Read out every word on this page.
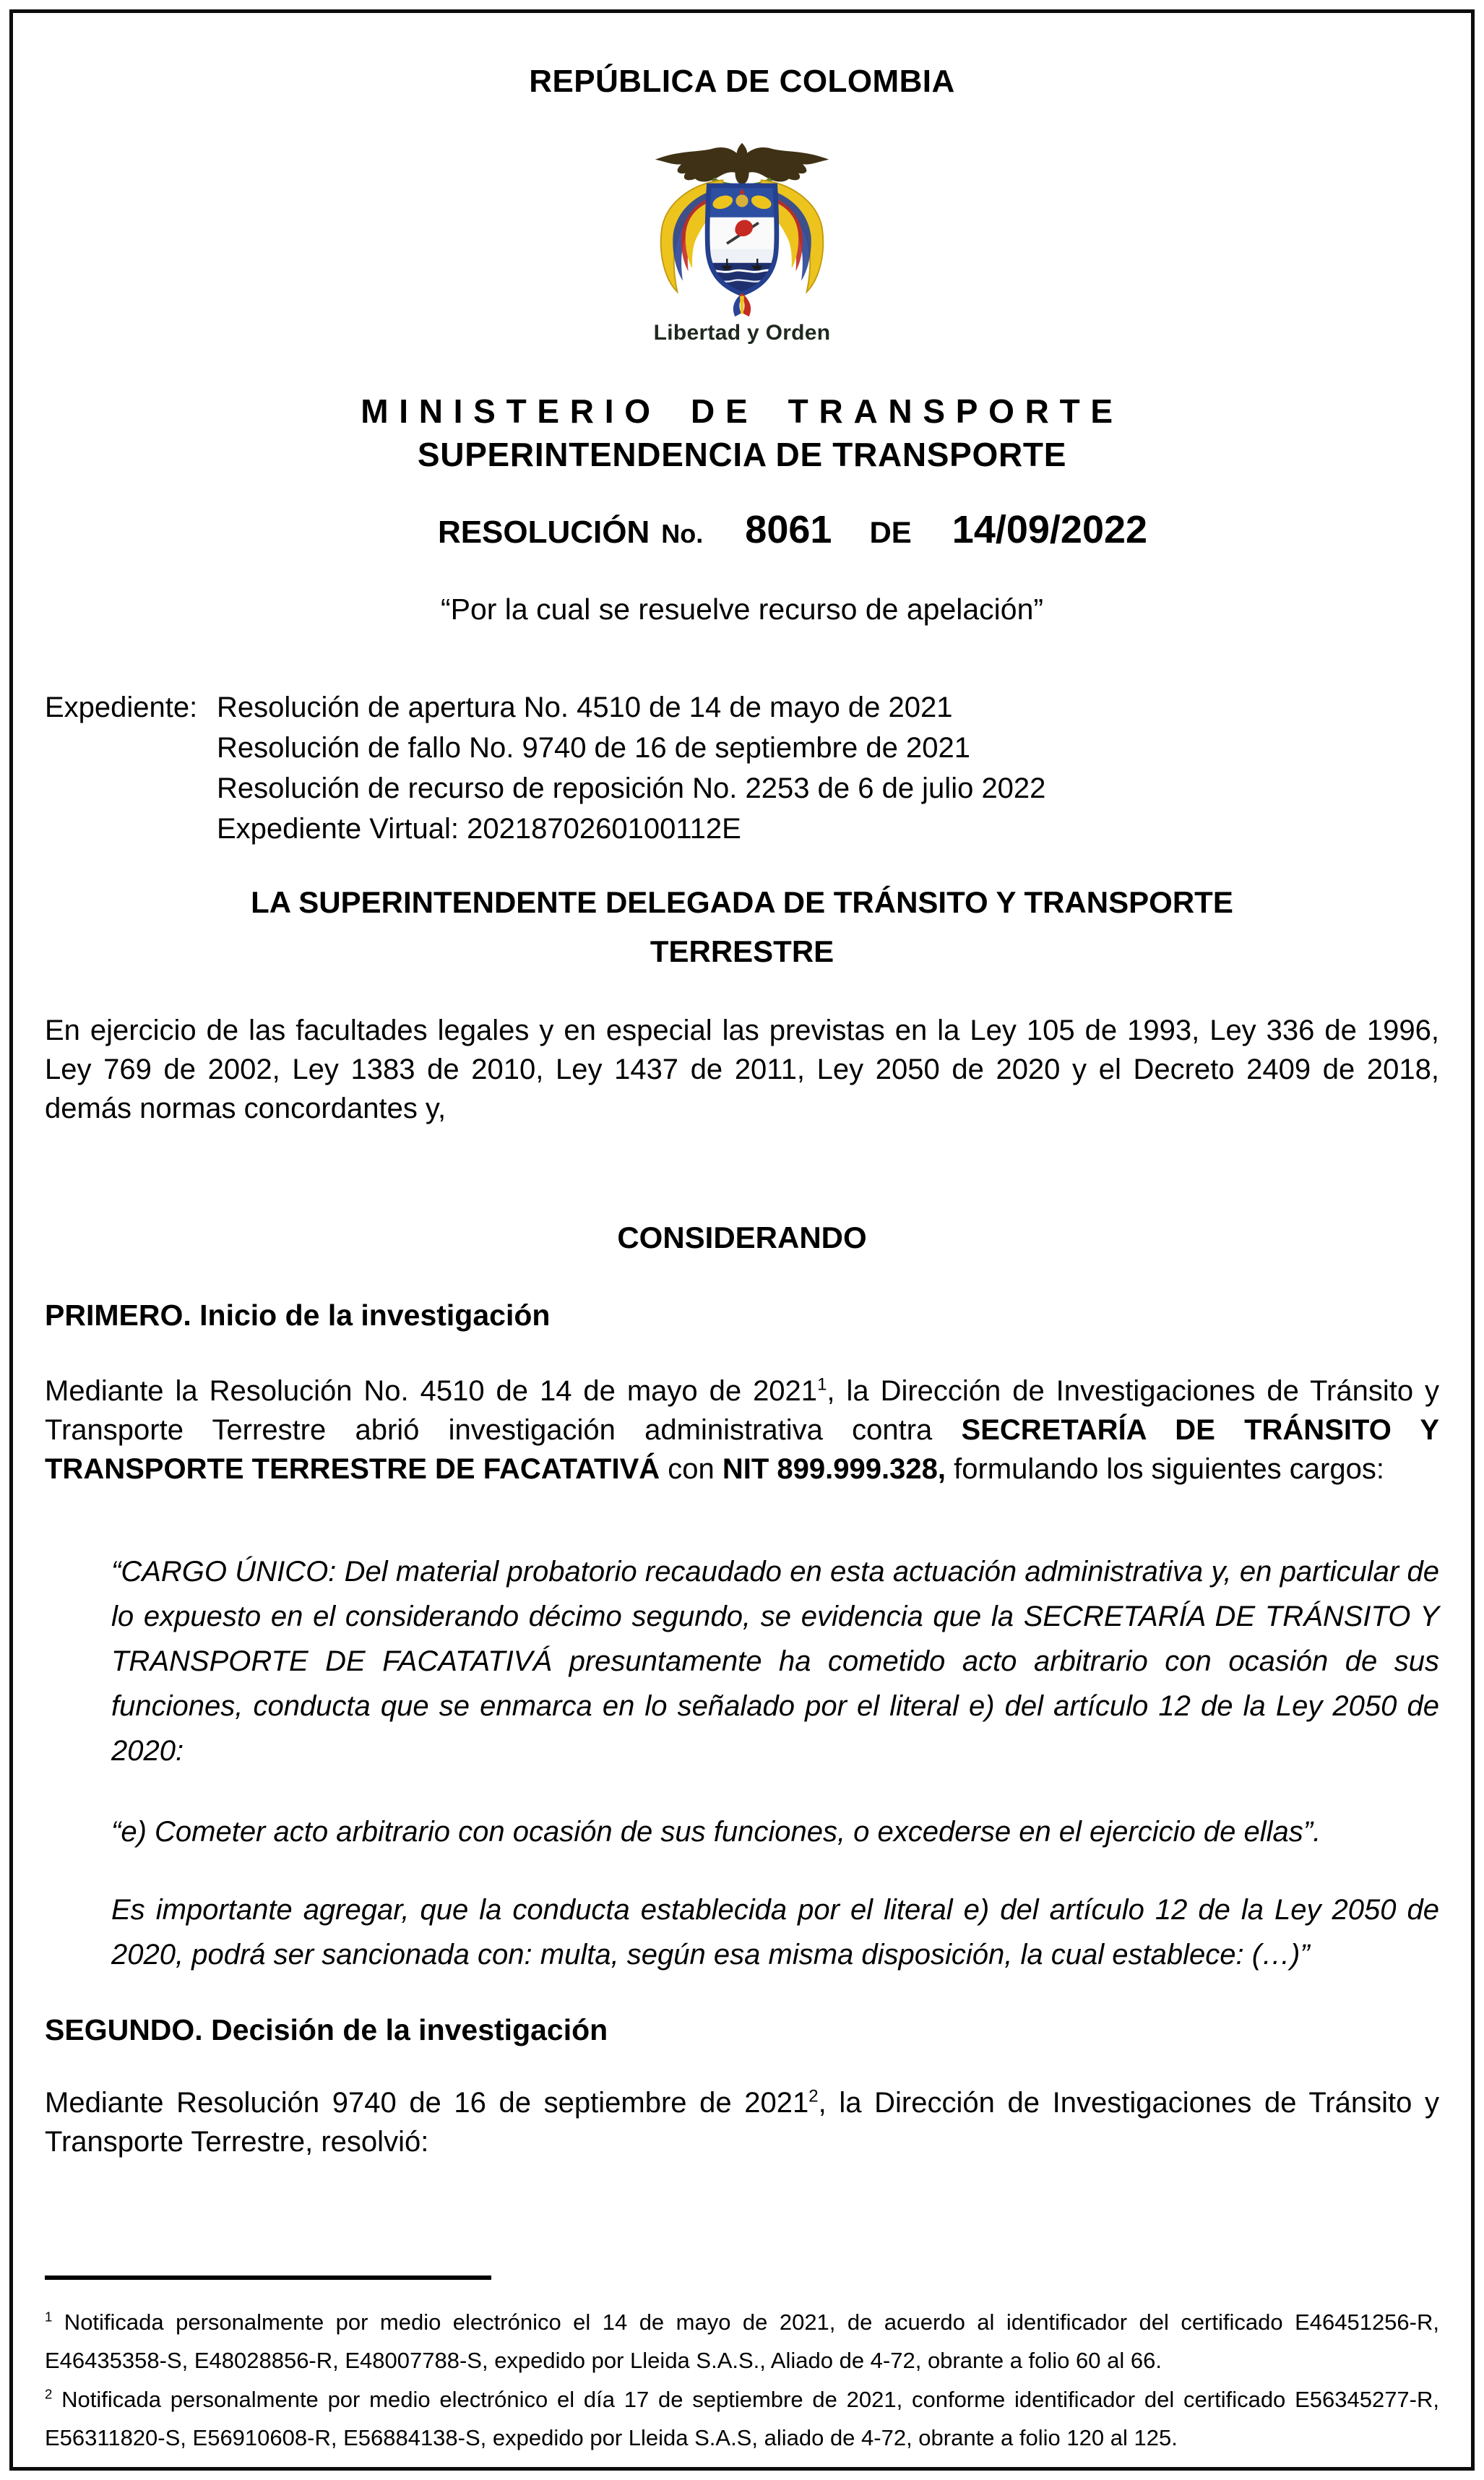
REPÚBLICA DE COLOMBIA
Libertad y Orden
MINISTERIO DE TRANSPORTE
SUPERINTENDENCIA DE TRANSPORTE
RESOLUCIÓN No. 8061 DE 14/09/2022
“Por la cual se resuelve recurso de apelación”
Expediente: Resolución de apertura No. 4510 de 14 de mayo de 2021
Resolución de fallo No. 9740 de 16 de septiembre de 2021
Resolución de recurso de reposición No. 2253 de 6 de julio 2022
Expediente Virtual: 2021870260100112E
LA SUPERINTENDENTE DELEGADA DE TRÁNSITO Y TRANSPORTE
TERRESTRE

En ejercicio de las facultades legales y en especial las previstas en la Ley 105 de 1993, Ley 336 de 1996, Ley 769 de 2002, Ley 1383 de 2010, Ley 1437 de 2011, Ley 2050 de 2020 y el Decreto 2409 de 2018, demás normas concordantes y,

CONSIDERANDO
PRIMERO. Inicio de la investigación

Mediante la Resolución No. 4510 de 14 de mayo de 2021$^1$, la Dirección de Investigaciones de Tránsito y Transporte Terrestre abrió investigación administrativa contra SECRETARÍA DE TRÁNSITO Y TRANSPORTE TERRESTRE DE FACATATIVÁ con NIT 899.999.328, formulando los siguientes cargos:

“CARGO ÚNICO: Del material probatorio recaudado en esta actuación administrativa y, en particular de lo expuesto en el considerando décimo segundo, se evidencia que la SECRETARÍA DE TRÁNSITO Y TRANSPORTE DE FACATATIVÁ presuntamente ha cometido acto arbitrario con ocasión de sus funciones, conducta que se enmarca en lo señalado por el literal e) del artículo 12 de la Ley 2050 de 2020:

“e) Cometer acto arbitrario con ocasión de sus funciones, o excederse en el ejercicio de ellas”.

Es importante agregar, que la conducta establecida por el literal e) del artículo 12 de la Ley 2050 de 2020, podrá ser sancionada con: multa, según esa misma disposición, la cual establece: (…)”

SEGUNDO. Decisión de la investigación

Mediante Resolución 9740 de 16 de septiembre de 2021$^2$, la Dirección de Investigaciones de Tránsito y Transporte Terrestre, resolvió:

$^1$ Notificada personalmente por medio electrónico el 14 de mayo de 2021, de acuerdo al identificador del certificado E46451256-R, E46435358-S, E48028856-R, E48007788-S, expedido por Lleida S.A.S., Aliado de 4-72, obrante a folio 60 al 66.

$^2$ Notificada personalmente por medio electrónico el día 17 de septiembre de 2021, conforme identificador del certificado E56345277-R, E56311820-S, E56910608-R, E56884138-S, expedido por Lleida S.A.S, aliado de 4-72, obrante a folio 120 al 125.
